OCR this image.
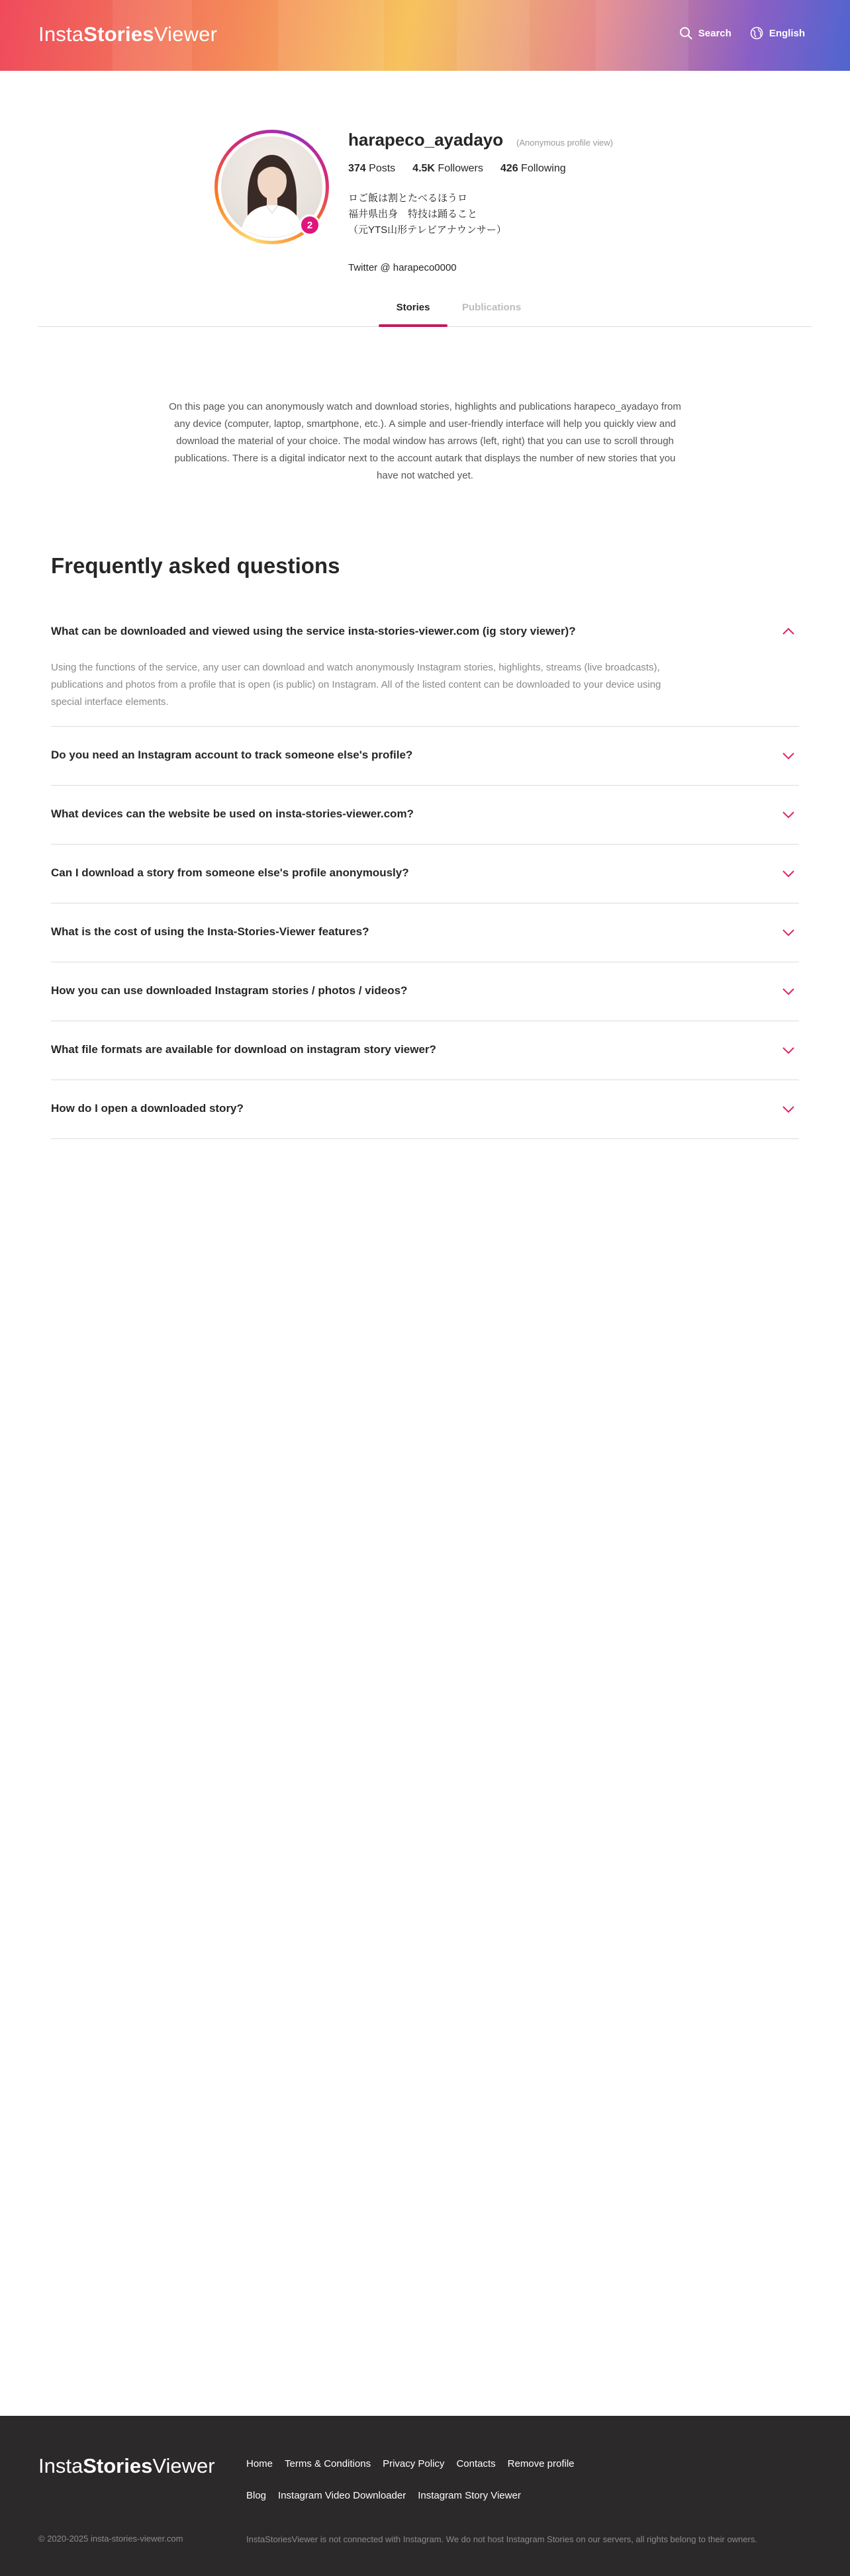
InstaStoriesViewer	Search	English
2
harapeco_ayadayo (Anonymous profile view)
374 Posts 4.5K Followers 426 Following
ロご飯は割とたべるほうロ
福井県出身　特技は踊ること
（元YTS山形テレビアナウンサー）
Twitter @ harapeco0000
Stories	Publications

On this page you can anonymously watch and download stories, highlights and publications harapeco_ayadayo from any device (computer, laptop, smartphone, etc.). A simple and user-friendly interface will help you quickly view and download the material of your choice. The modal window has arrows (left, right) that you can use to scroll through publications. There is a digital indicator next to the account autark that displays the number of new stories that you have not watched yet.

Frequently asked questions
What can be downloaded and viewed using the service insta-stories-viewer.com (ig story viewer)?
Using the functions of the service, any user can download and watch anonymously Instagram stories, highlights, streams (live broadcasts), publications and photos from a profile that is open (is public) on Instagram. All of the listed content can be downloaded to your device using special interface elements.
Do you need an Instagram account to track someone else's profile?
What devices can the website be used on insta-stories-viewer.com?
Can I download a story from someone else's profile anonymously?
What is the cost of using the Insta-Stories-Viewer features?
How you can use downloaded Instagram stories / photos / videos?
What file formats are available for download on instagram story viewer?
How do I open a downloaded story?
InstaStoriesViewer	Home Terms & Conditions Privacy Policy Contacts Remove profile
Blog Instagram Video Downloader Instagram Story Viewer
© 2020-2025 insta-stories-viewer.com	InstaStoriesViewer is not connected with Instagram. We do not host Instagram Stories on our servers, all rights belong to their owners.
